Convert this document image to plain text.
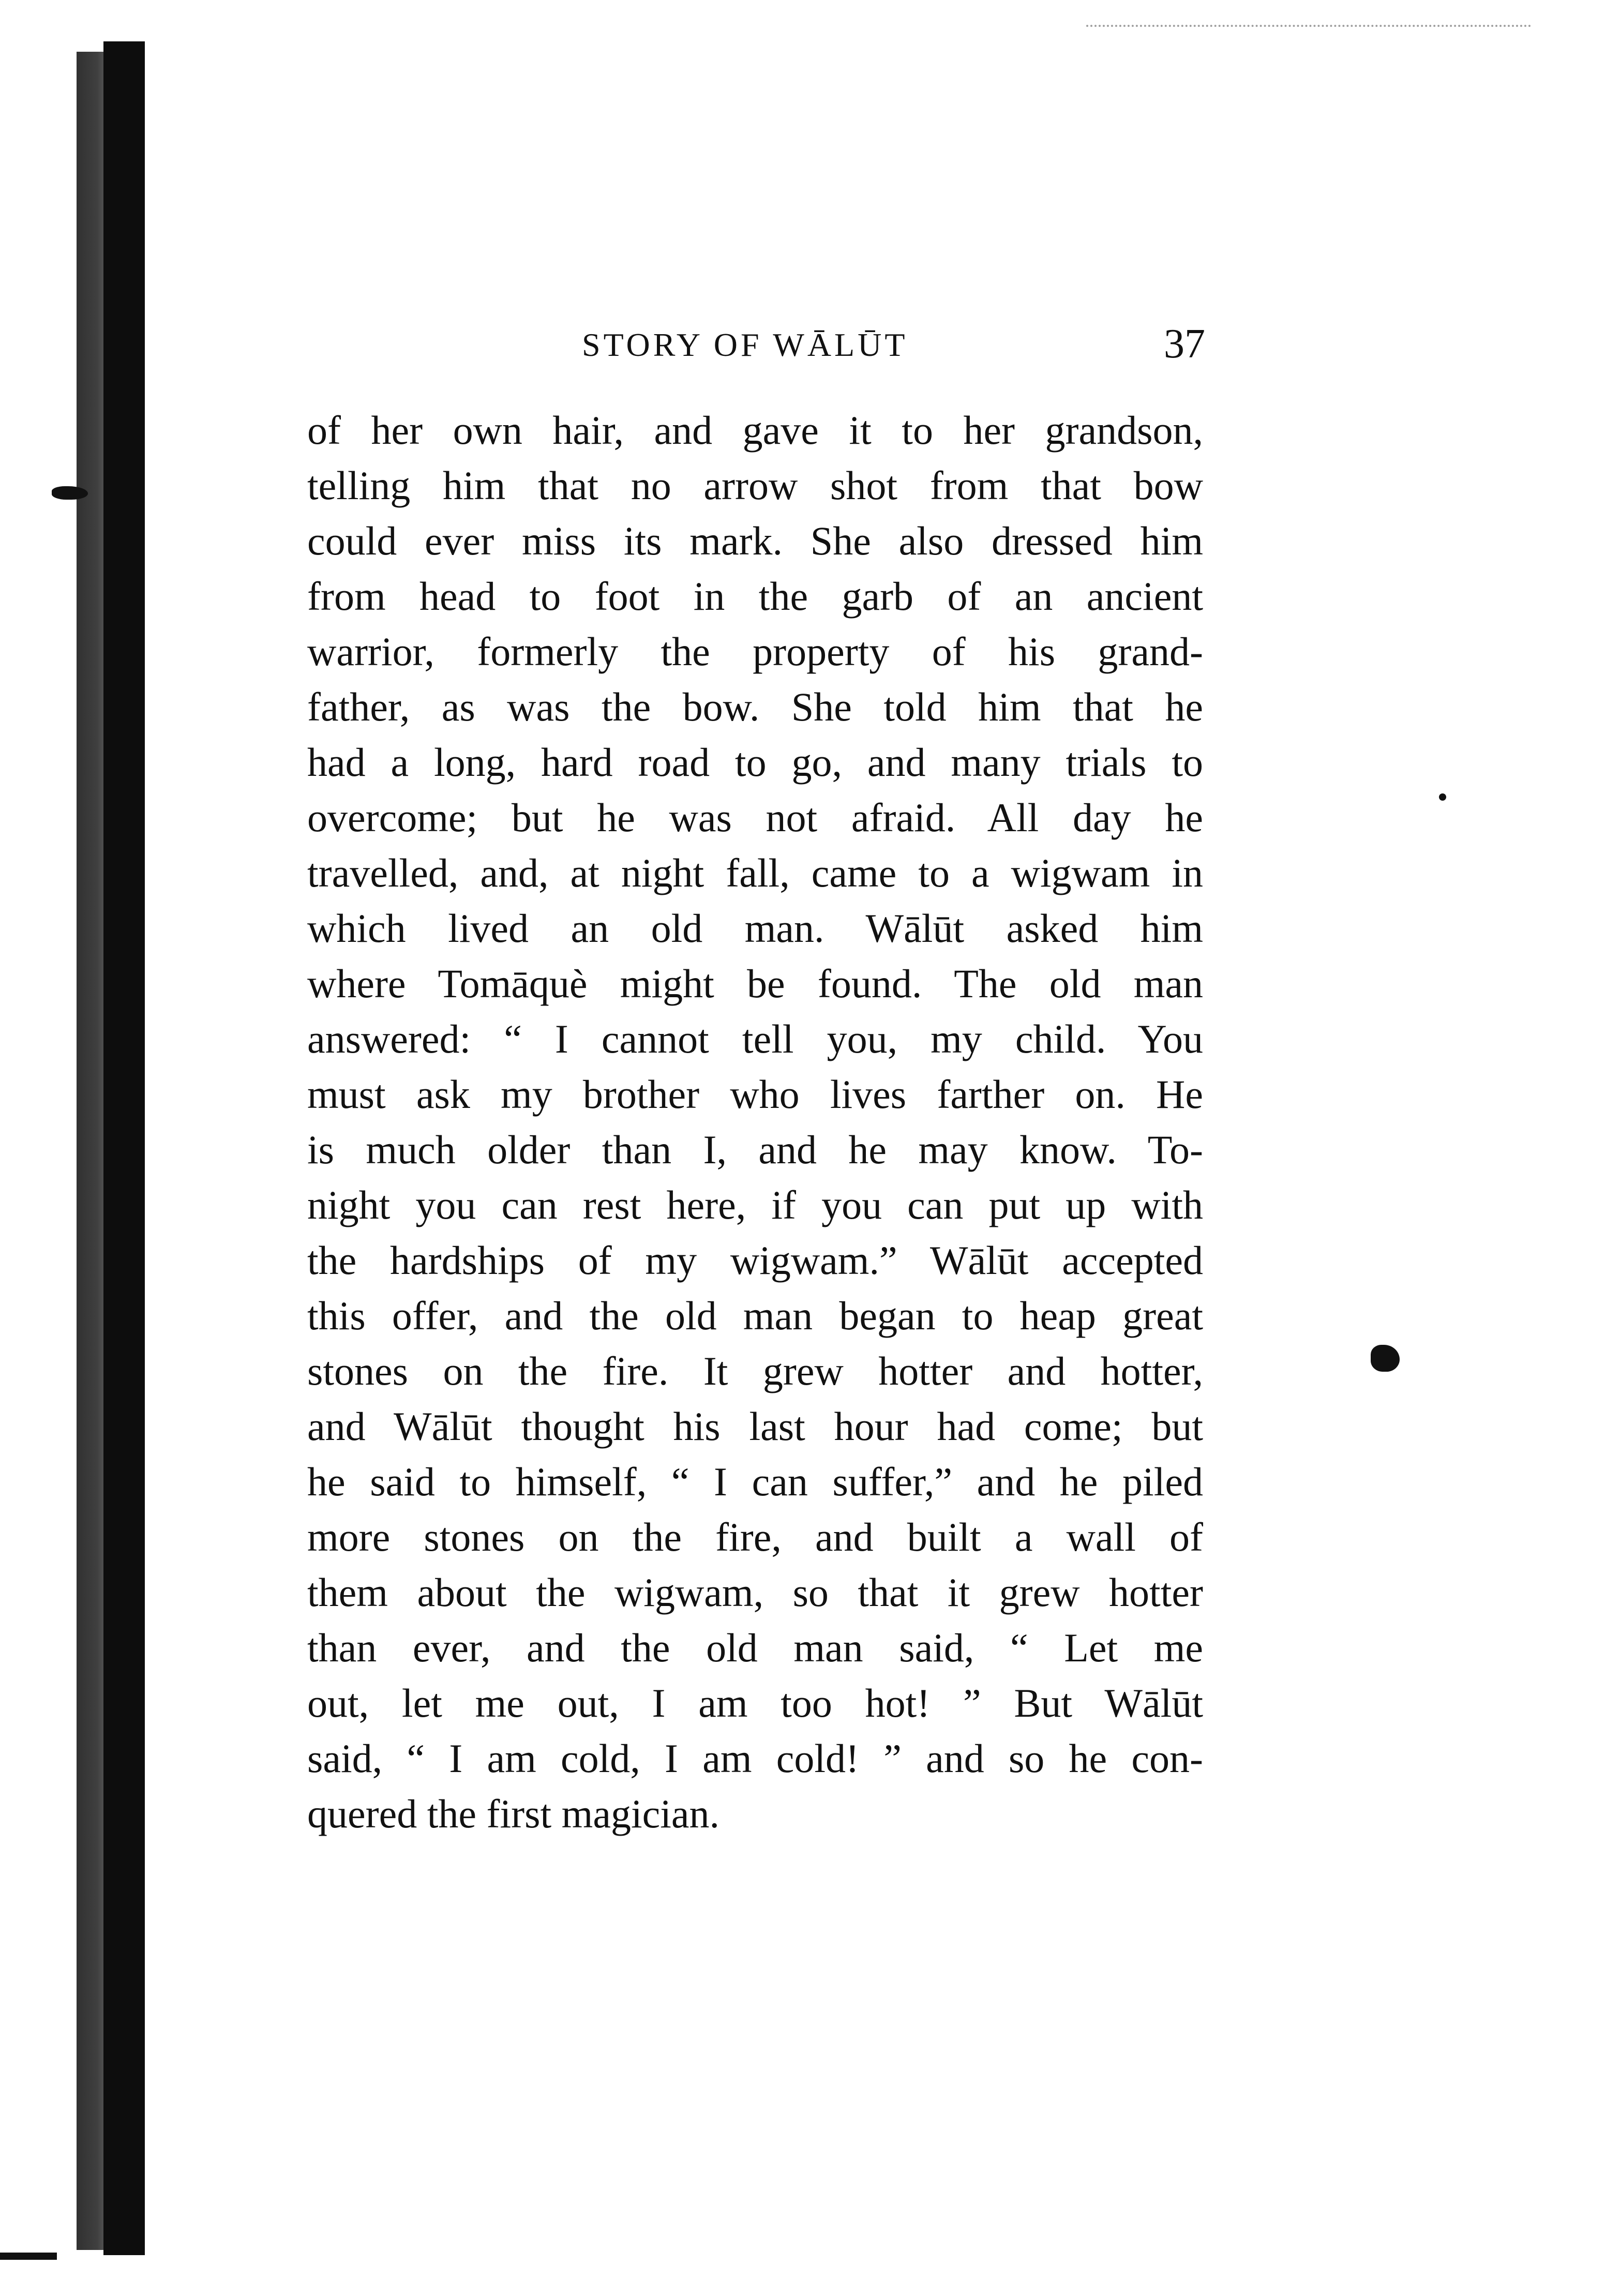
STORY OF WĀLŪT	37
of her own hair, and gave it to her grandson,
telling him that no arrow shot from that bow
could ever miss its mark. She also dressed him
from head to foot in the garb of an ancient
warrior, formerly the property of his grand-
father, as was the bow. She told him that he
had a long, hard road to go, and many trials to
overcome; but he was not afraid. All day he
travelled, and, at night fall, came to a wigwam in
which lived an old man. Wālūt asked him
where Tomāquè might be found. The old man
answered: “ I cannot tell you, my child. You
must ask my brother who lives farther on. He
is much older than I, and he may know. To-
night you can rest here, if you can put up with
the hardships of my wigwam.” Wālūt accepted
this offer, and the old man began to heap great
stones on the fire. It grew hotter and hotter,
and Wālūt thought his last hour had come; but
he said to himself, “ I can suffer,” and he piled
more stones on the fire, and built a wall of
them about the wigwam, so that it grew hotter
than ever, and the old man said, “ Let me
out, let me out, I am too hot! ” But Wālūt
said, “ I am cold, I am cold! ” and so he con-
quered the first magician.
